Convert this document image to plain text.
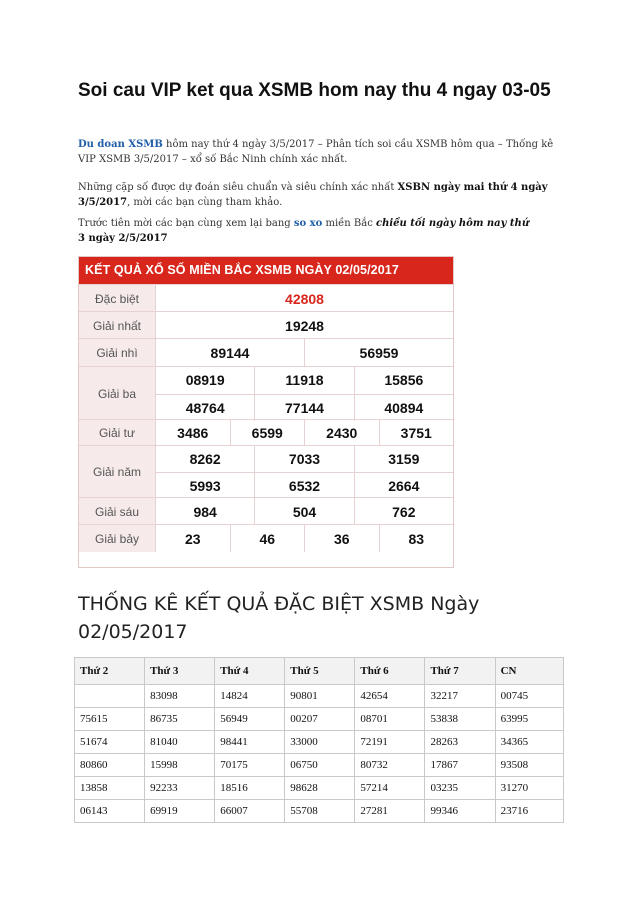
Soi cau VIP ket qua XSMB hom nay thu 4 ngay 03-05
Du doan XSMB hôm nay thứ 4 ngày 3/5/2017 – Phân tích soi cầu XSMB hôm qua – Thống kê VIP XSMB 3/5/2017 – xổ số Bắc Ninh chính xác nhất.
Những cặp số được dự đoán siêu chuẩn và siêu chính xác nhất XSBN ngày mai thứ 4 ngày 3/5/2017, mời các bạn cùng tham khảo.
Trước tiên mời các bạn cùng xem lại bang so xo miền Bắc chiều tối ngày hôm nay thứ
3 ngày 2/5/2017
KẾT QUẢ XỔ SỐ MIỀN BẮC XSMB NGÀY 02/05/2017
Đặc biệt	42808
Giải nhất	19248
Giải nhì	89144	56959
Giải ba
08919	11918	15856
48764	77144	40894
Giải tư	3486	6599	2430	3751
Giải năm
8262	7033	3159
5993	6532	2664
Giải sáu	984	504	762
Giải bảy	23	46	36	83
THỐNG KÊ KẾT QUẢ ĐẶC BIỆT XSMB Ngày 02/05/2017
Thứ 2	Thứ 3	Thứ 4	Thứ 5	Thứ 6	Thứ 7	CN
	83098	14824	90801	42654	32217	00745
75615	86735	56949	00207	08701	53838	63995
51674	81040	98441	33000	72191	28263	34365
80860	15998	70175	06750	80732	17867	93508
13858	92233	18516	98628	57214	03235	31270
06143	69919	66007	55708	27281	99346	23716
